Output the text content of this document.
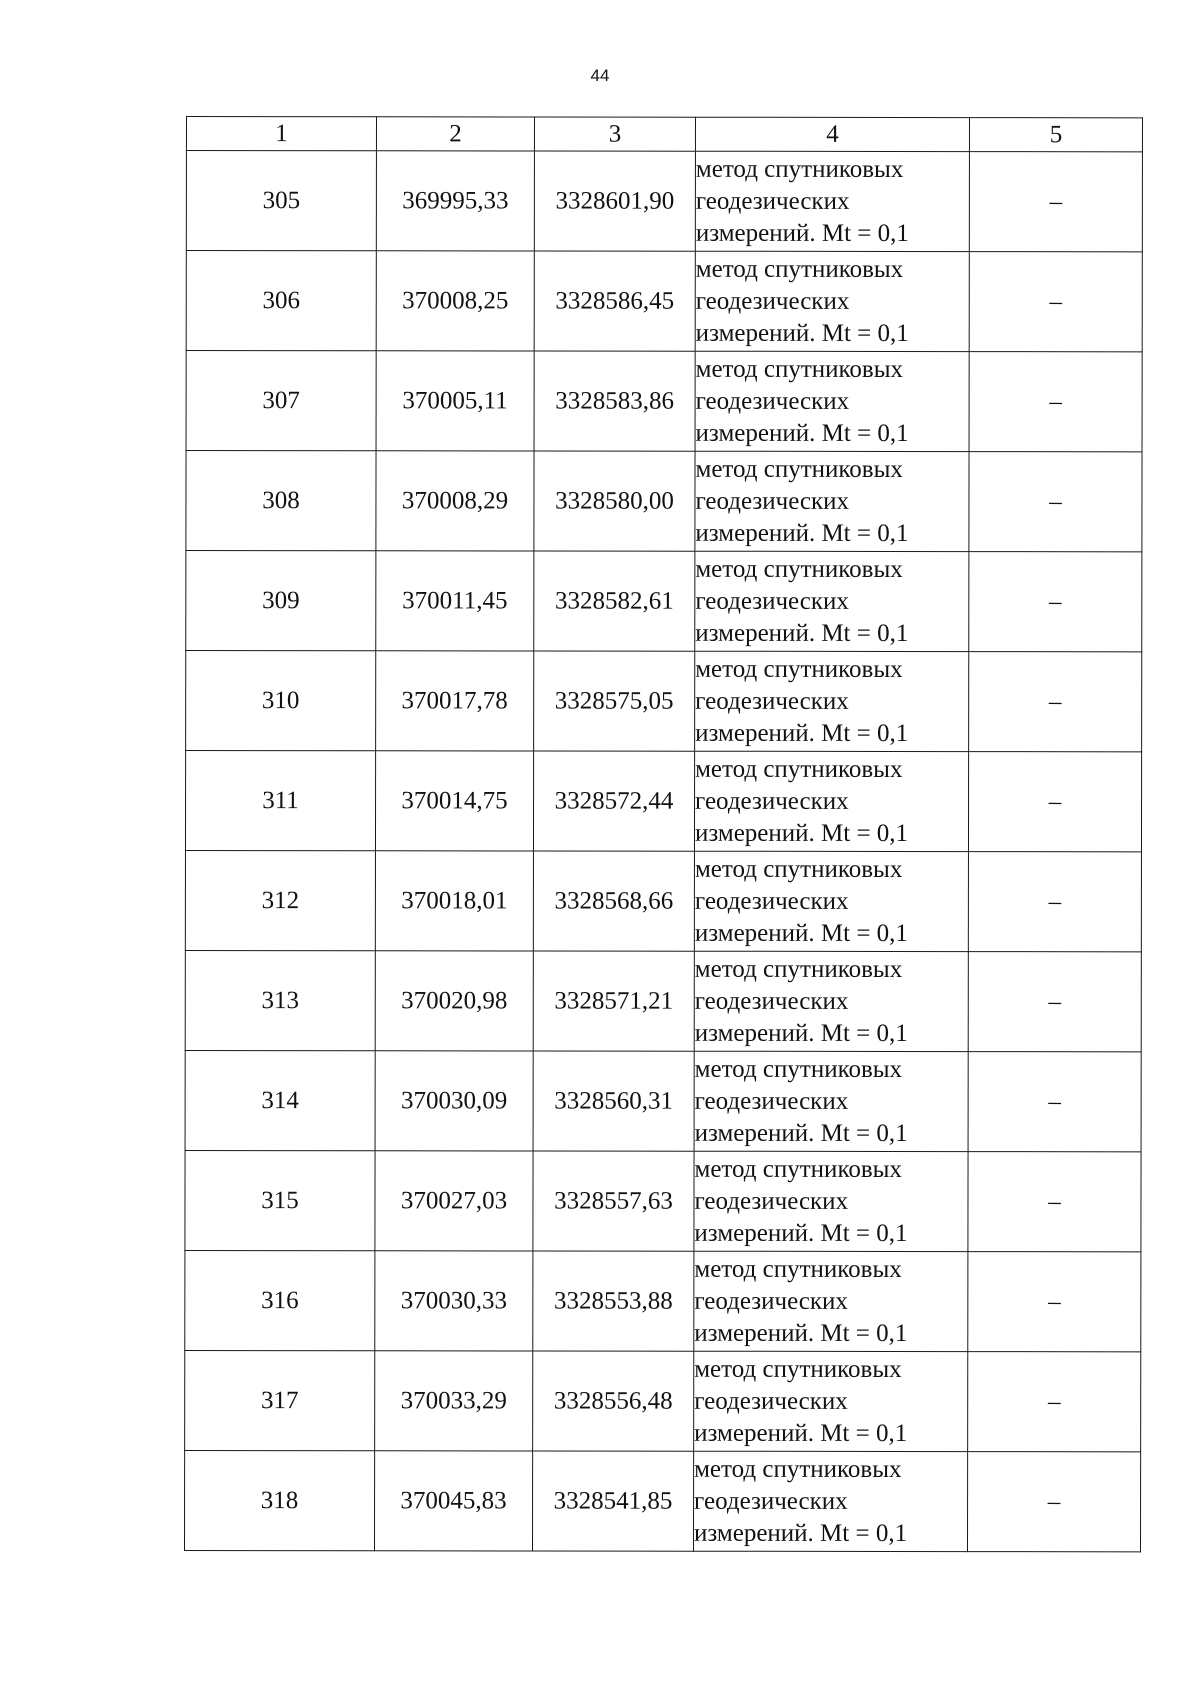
44
1	2	3	4	5
305	369995,33	3328601,90	метод спутниковых
геодезических
измерений. Mt = 0,1	–
306	370008,25	3328586,45	метод спутниковых
геодезических
измерений. Mt = 0,1	–
307	370005,11	3328583,86	метод спутниковых
геодезических
измерений. Mt = 0,1	–
308	370008,29	3328580,00	метод спутниковых
геодезических
измерений. Mt = 0,1	–
309	370011,45	3328582,61	метод спутниковых
геодезических
измерений. Mt = 0,1	–
310	370017,78	3328575,05	метод спутниковых
геодезических
измерений. Mt = 0,1	–
311	370014,75	3328572,44	метод спутниковых
геодезических
измерений. Mt = 0,1	–
312	370018,01	3328568,66	метод спутниковых
геодезических
измерений. Mt = 0,1	–
313	370020,98	3328571,21	метод спутниковых
геодезических
измерений. Mt = 0,1	–
314	370030,09	3328560,31	метод спутниковых
геодезических
измерений. Mt = 0,1	–
315	370027,03	3328557,63	метод спутниковых
геодезических
измерений. Mt = 0,1	–
316	370030,33	3328553,88	метод спутниковых
геодезических
измерений. Mt = 0,1	–
317	370033,29	3328556,48	метод спутниковых
геодезических
измерений. Mt = 0,1	–
318	370045,83	3328541,85	метод спутниковых
геодезических
измерений. Mt = 0,1	–
